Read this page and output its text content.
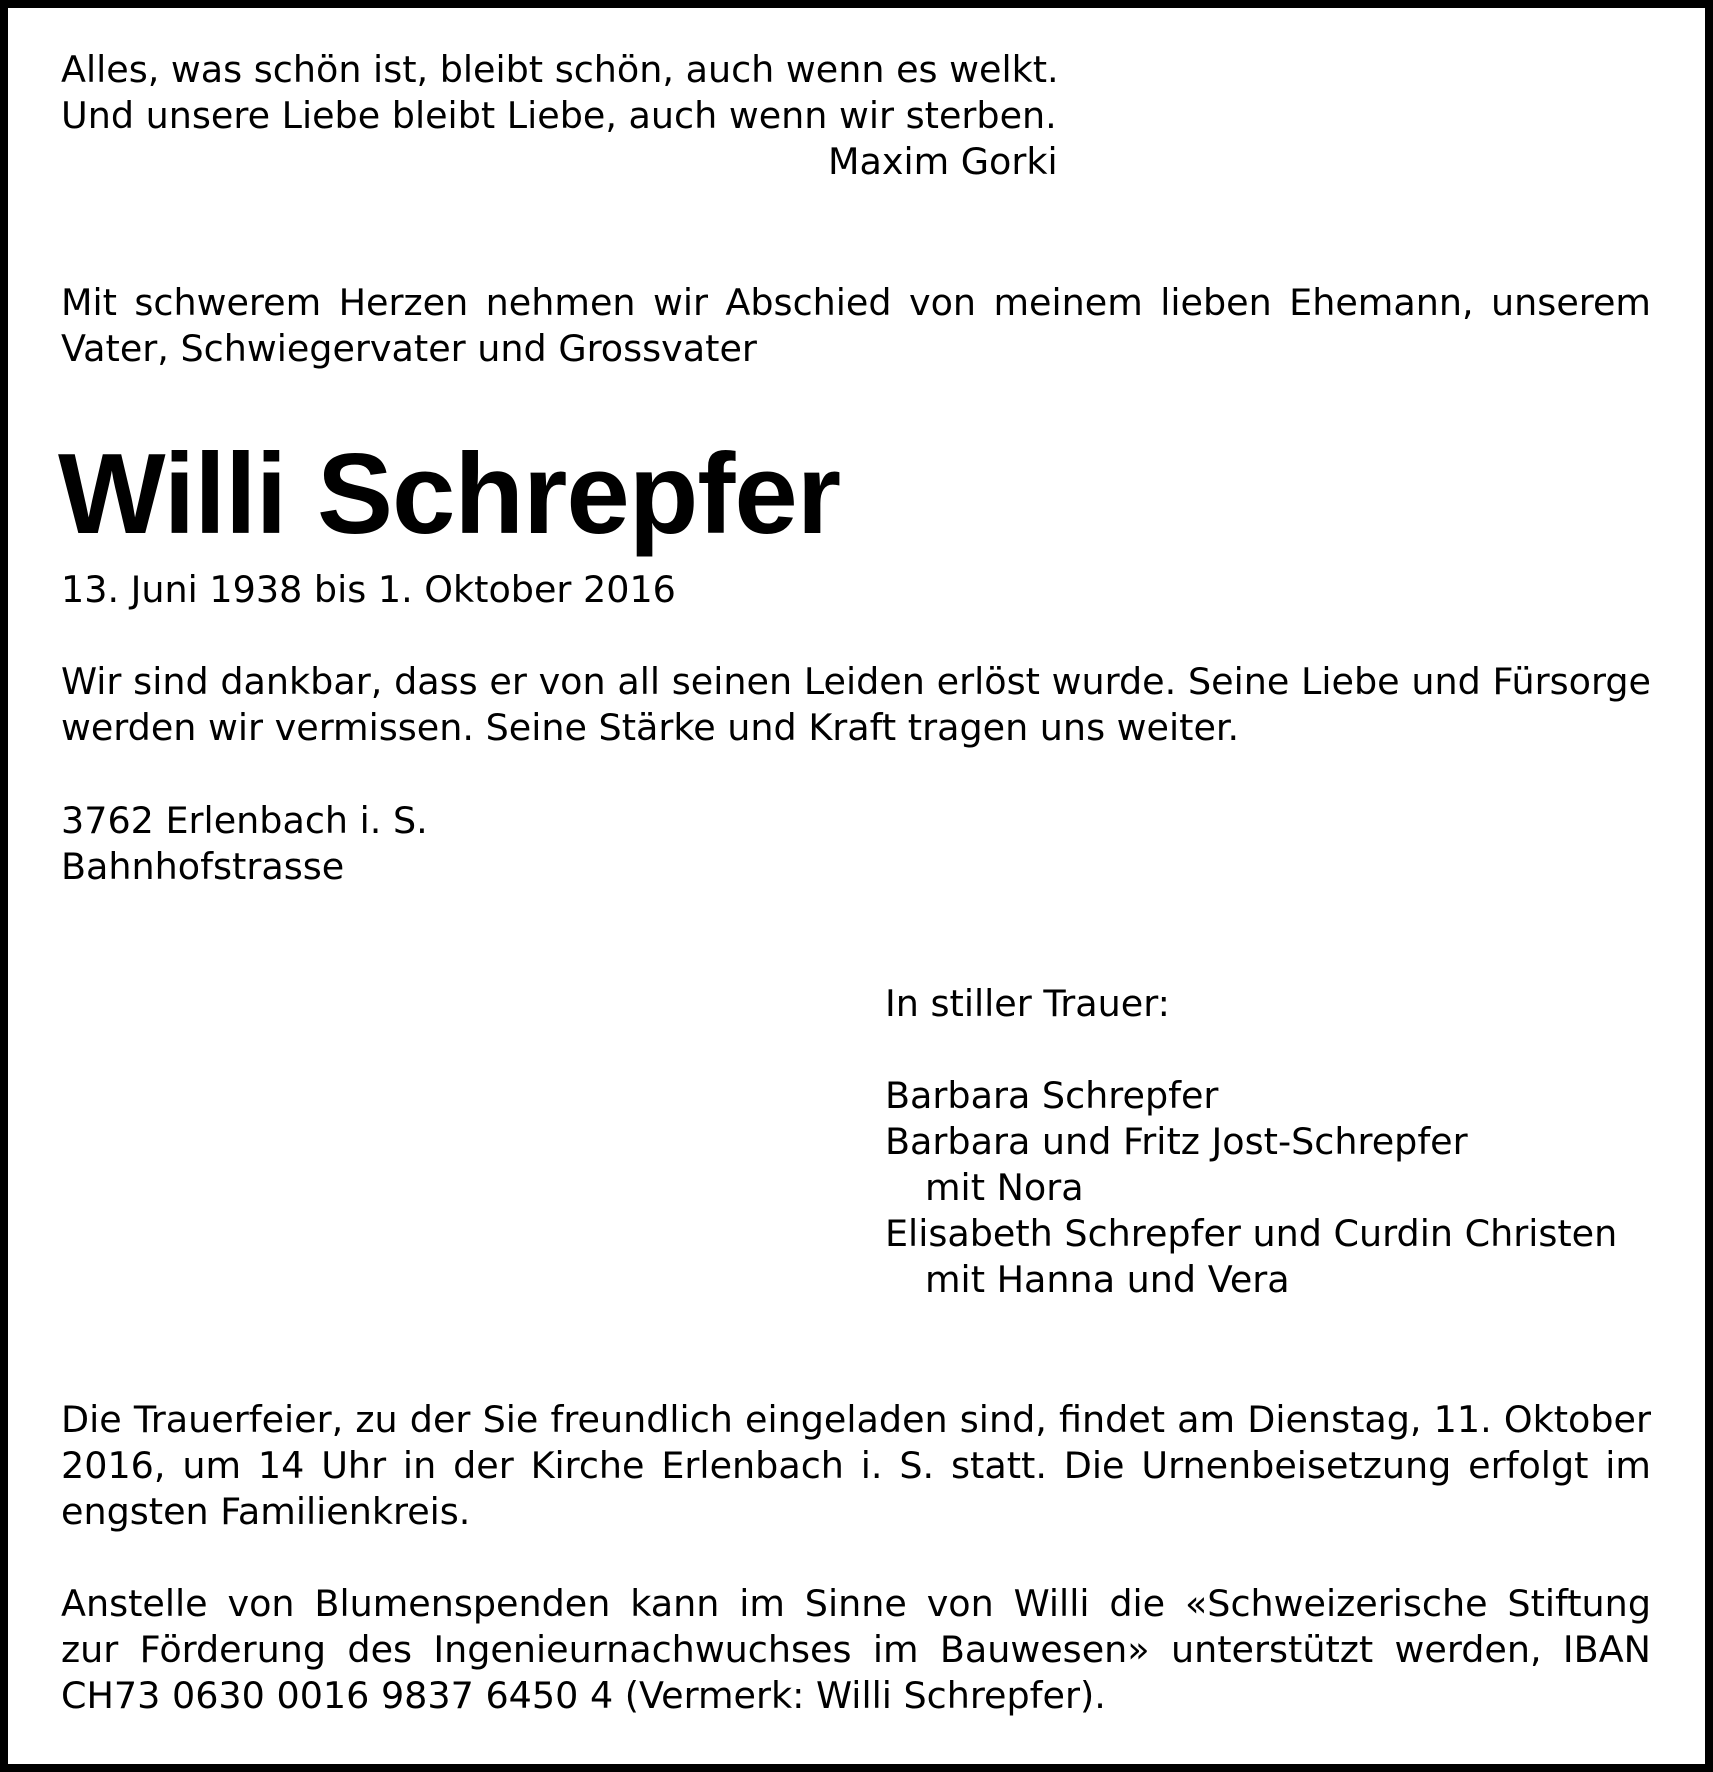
Alles, was schön ist, bleibt schön, auch wenn es welkt.
Und unsere Liebe bleibt Liebe, auch wenn wir sterben.
Maxim Gorki
Mit schwerem Herzen nehmen wir Abschied von meinem lieben Ehemann, unserem
Vater, Schwiegervater und Grossvater
Willi Schrepfer
13. Juni 1938 bis 1. Oktober 2016
Wir sind dankbar, dass er von all seinen Leiden erlöst wurde. Seine Liebe und Fürsorge
werden wir vermissen. Seine Stärke und Kraft tragen uns weiter.
3762 Erlenbach i. S.
Bahnhofstrasse
In stiller Trauer:
Barbara Schrepfer
Barbara und Fritz Jost-Schrepfer
mit Nora
Elisabeth Schrepfer und Curdin Christen
mit Hanna und Vera
Die Trauerfeier, zu der Sie freundlich eingeladen sind, findet am Dienstag, 11. Oktober
2016, um 14 Uhr in der Kirche Erlenbach i. S. statt. Die Urnenbeisetzung erfolgt im
engsten Familienkreis.
Anstelle von Blumenspenden kann im Sinne von Willi die «Schweizerische Stiftung
zur Förderung des Ingenieurnachwuchses im Bauwesen» unterstützt werden, IBAN
CH73 0630 0016 9837 6450 4 (Vermerk: Willi Schrepfer).
